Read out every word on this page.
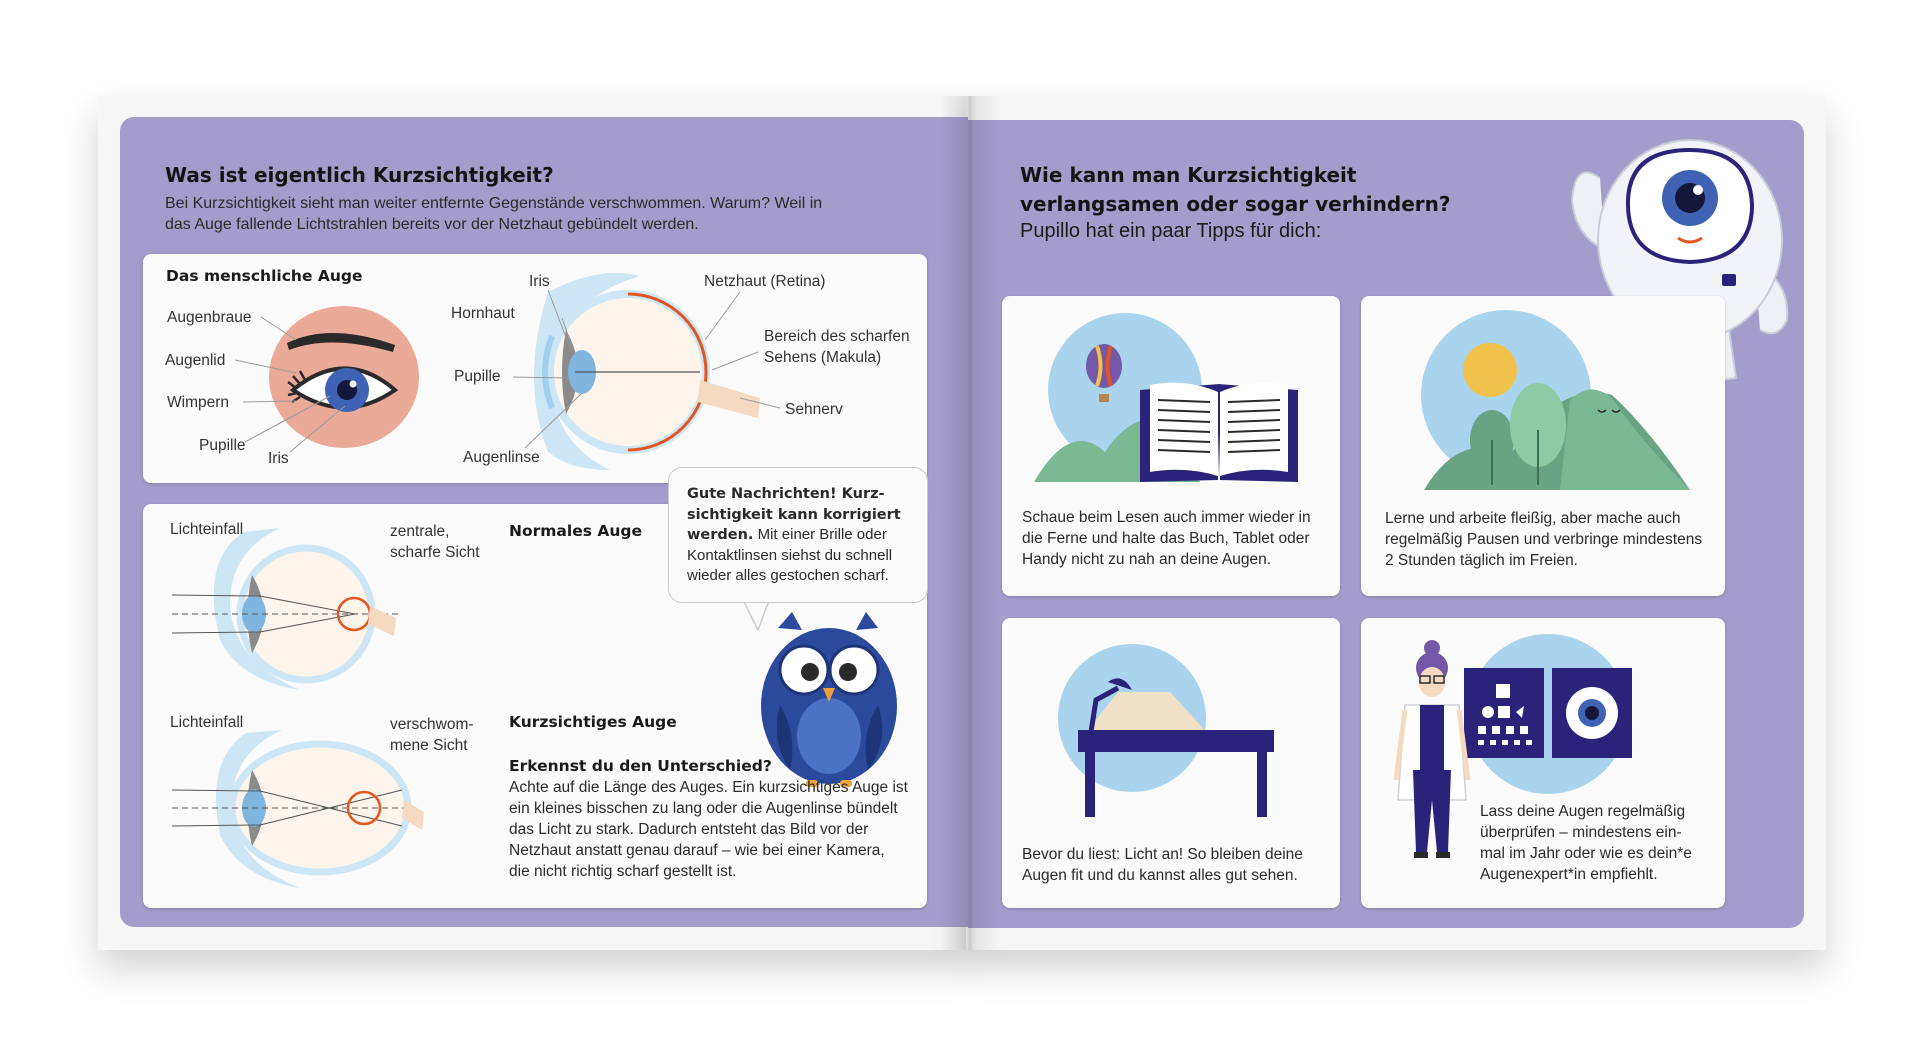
Was ist eigentlich Kurzsichtigkeit?

Bei Kurzsichtigkeit sieht man weiter entfernte Gegenstände verschwommen. Warum? Weil in das Auge fallende Lichtstrahlen bereits vor der Netzhaut gebündelt werden.

Das menschliche Auge
Augenbraue
Augenlid
Wimpern
Pupille
Iris
Iris
Hornhaut
Pupille
Augenlinse
Netzhaut (Retina)
Bereich des scharfen Sehens (Makula)
Sehnerv

Gute Nachrichten! Kurz- sichtigkeit kann korrigiert werden. Mit einer Brille oder Kontaktlinsen siehst du schnell wieder alles gestochen scharf.

Lichteinfall	zentrale, scharfe Sicht
Normales Auge
Lichteinfall	verschwom- mene Sicht
Kurzsichtiges Auge
Erkennst du den Unterschied?

Achte auf die Länge des Auges. Ein kurzsichtiges Auge ist ein kleines bisschen zu lang oder die Augenlinse bündelt das Licht zu stark. Dadurch entsteht das Bild vor der Netzhaut anstatt genau darauf – wie bei einer Kamera, die nicht richtig scharf gestellt ist.

Wie kann man Kurzsichtigkeit
verlangsamen oder sogar verhindern?

Pupillo hat ein paar Tipps für dich:

Schaue beim Lesen auch immer wieder in die Ferne und halte das Buch, Tablet oder Handy nicht zu nah an deine Augen.

Lerne und arbeite fleißig, aber mache auch regelmäßig Pausen und verbringe mindestens 2 Stunden täglich im Freien.

Bevor du liest: Licht an! So bleiben deine Augen fit und du kannst alles gut sehen.

Lass deine Augen regelmäßig überprüfen – mindestens ein- mal im Jahr oder wie es dein*e Augenexpert*in empfiehlt.
